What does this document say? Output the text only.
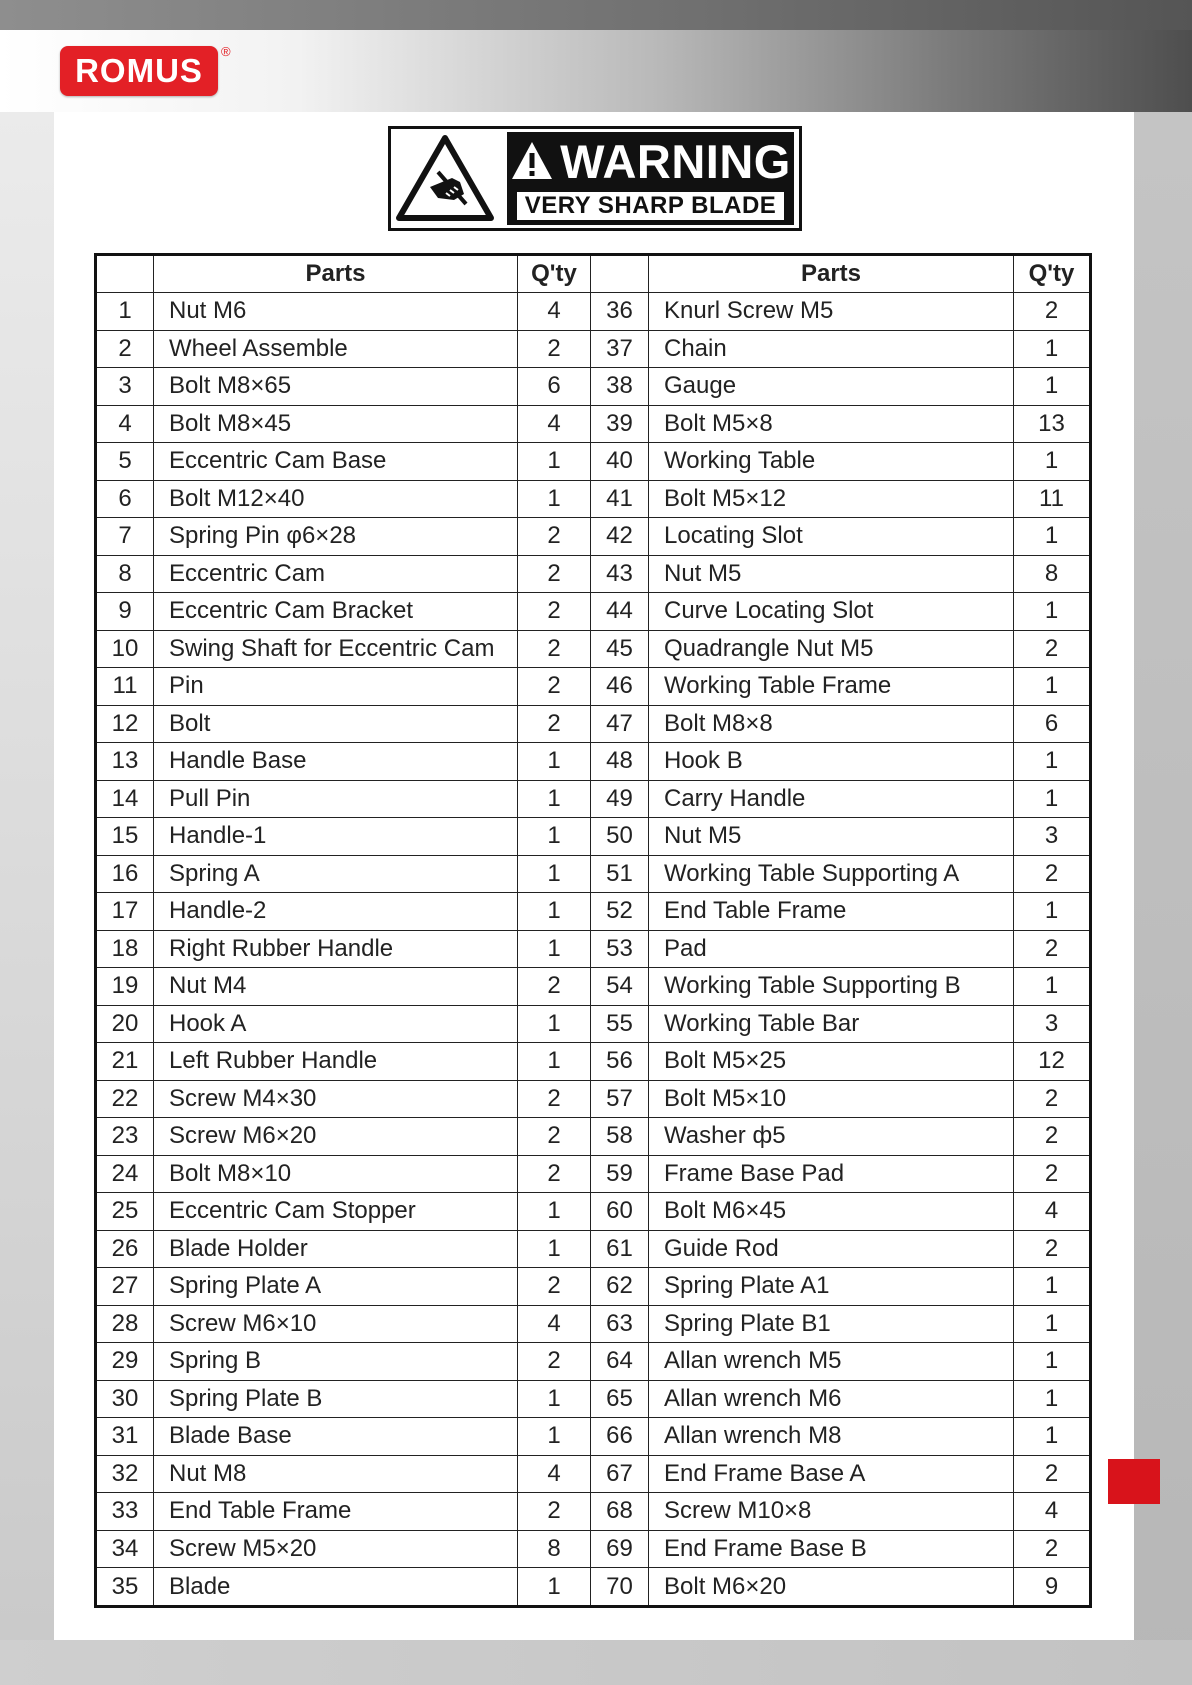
ROMUS
®
WARNING
VERY SHARP BLADE
	Parts	Q'ty		Parts	Q'ty
1	Nut M6	4	36	Knurl Screw M5	2
2	Wheel Assemble	2	37	Chain	1
3	Bolt M8×65	6	38	Gauge	1
4	Bolt M8×45	4	39	Bolt M5×8	13
5	Eccentric Cam Base	1	40	Working Table	1
6	Bolt M12×40	1	41	Bolt M5×12	11
7	Spring Pin φ6×28	2	42	Locating Slot	1
8	Eccentric Cam	2	43	Nut M5	8
9	Eccentric Cam Bracket	2	44	Curve Locating Slot	1
10	Swing Shaft for Eccentric Cam	2	45	Quadrangle Nut M5	2
11	Pin	2	46	Working Table Frame	1
12	Bolt	2	47	Bolt M8×8	6
13	Handle Base	1	48	Hook B	1
14	Pull Pin	1	49	Carry Handle	1
15	Handle-1	1	50	Nut M5	3
16	Spring A	1	51	Working Table Supporting A	2
17	Handle-2	1	52	End Table Frame	1
18	Right Rubber Handle	1	53	Pad	2
19	Nut M4	2	54	Working Table Supporting B	1
20	Hook A	1	55	Working Table Bar	3
21	Left Rubber Handle	1	56	Bolt M5×25	12
22	Screw M4×30	2	57	Bolt M5×10	2
23	Screw M6×20	2	58	Washer ф5	2
24	Bolt M8×10	2	59	Frame Base Pad	2
25	Eccentric Cam Stopper	1	60	Bolt M6×45	4
26	Blade Holder	1	61	Guide Rod	2
27	Spring Plate A	2	62	Spring Plate A1	1
28	Screw M6×10	4	63	Spring Plate B1	1
29	Spring B	2	64	Allan wrench M5	1
30	Spring Plate B	1	65	Allan wrench M6	1
31	Blade Base	1	66	Allan wrench M8	1
32	Nut M8	4	67	End Frame Base A	2
33	End Table Frame	2	68	Screw M10×8	4
34	Screw M5×20	8	69	End Frame Base B	2
35	Blade	1	70	Bolt M6×20	9
